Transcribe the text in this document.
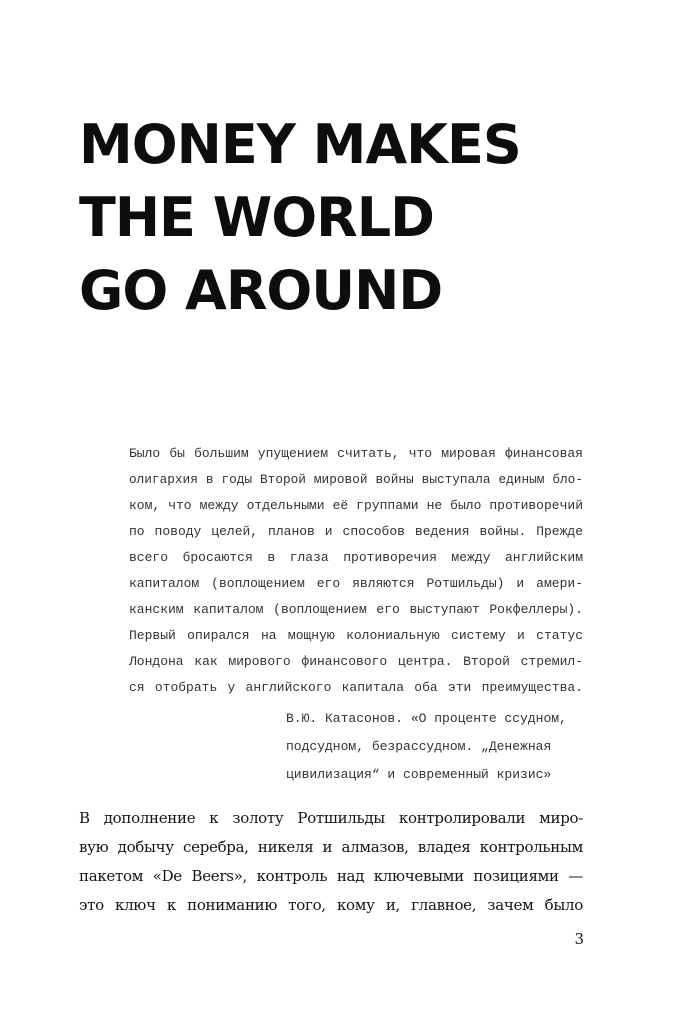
MONEY MAKES
THE WORLD
GO AROUND
Было бы большим упущением считать, что мировая финансовая
олигархия в годы Второй мировой войны выступала единым бло-
ком, что между отдельными её группами не было противоречий
по поводу целей, планов и способов ведения войны. Прежде
всего бросаются в глаза противоречия между английским
капиталом (воплощением его являются Ротшильды) и амери-
канским капиталом (воплощением его выступают Рокфеллеры).
Первый опирался на мощную колониальную систему и статус
Лондона как мирового финансового центра. Второй стремил-
ся отобрать у английского капитала оба эти преимущества.
В.Ю. Катасонов. «О проценте ссудном,
подсудном, безрассудном. „Денежная
цивилизация“ и современный кризис»
В дополнение к золоту Ротшильды контролировали миро-
вую добычу серебра, никеля и алмазов, владея контрольным
пакетом «De Beers», контроль над ключевыми позициями —
это ключ к пониманию того, кому и, главное, зачем было
3
